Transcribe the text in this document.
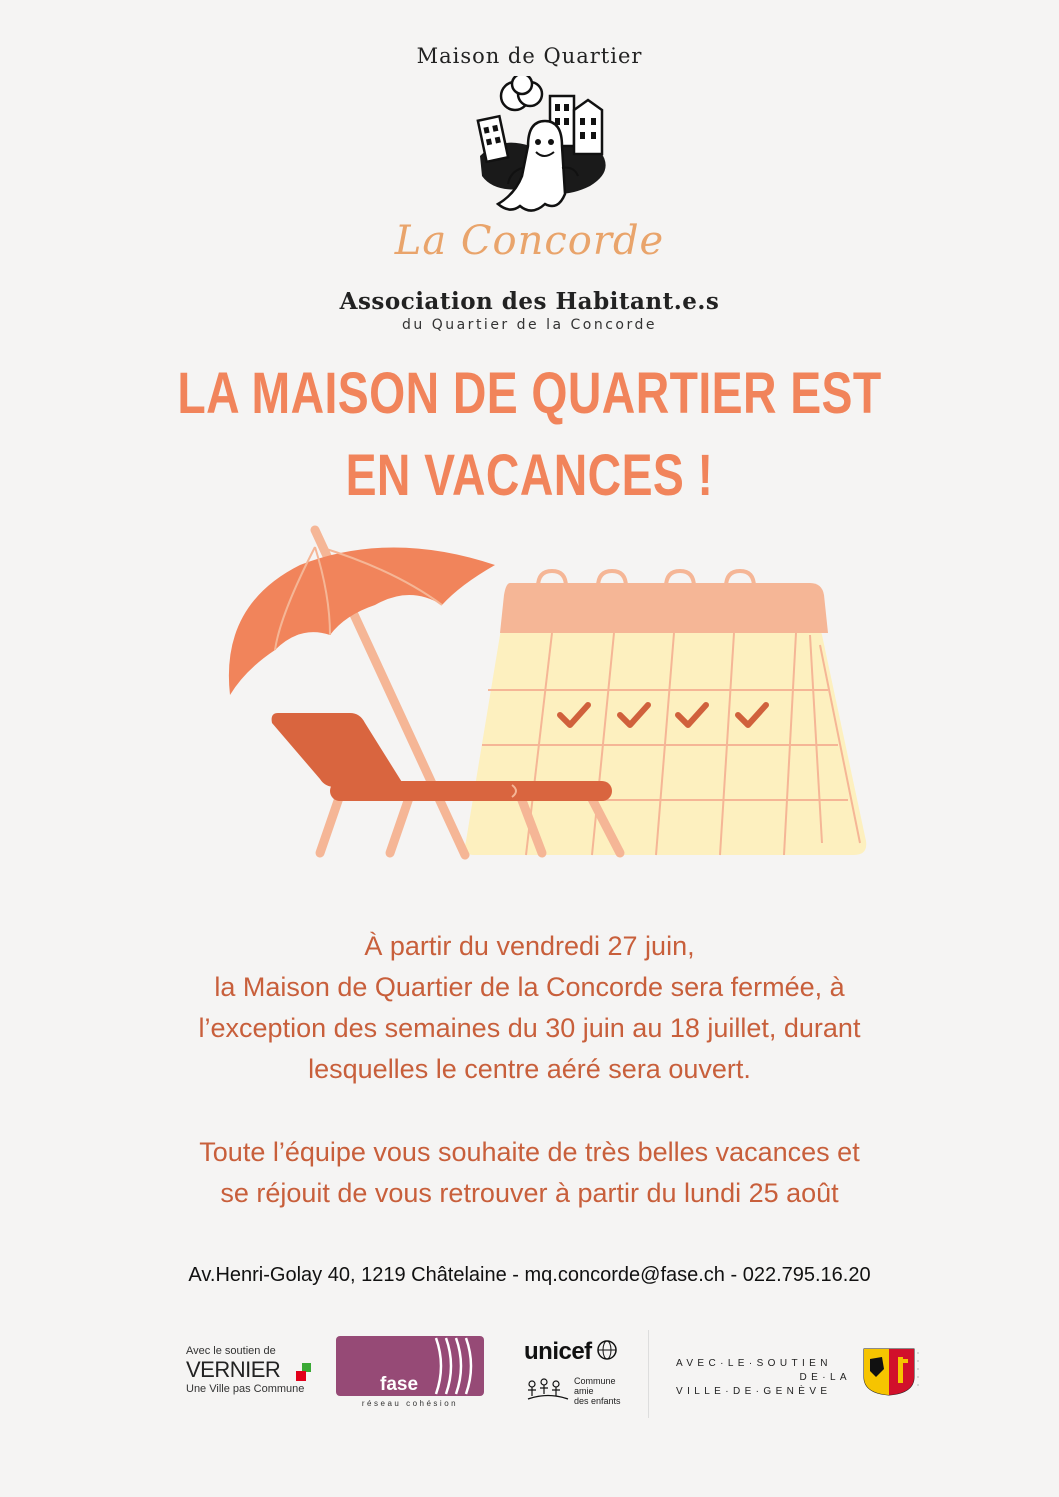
Maison de Quartier
La Concorde
Association des Habitant.e.s
du Quartier de la Concorde
LA MAISON DE QUARTIER EST
EN VACANCES !
À partir du vendredi 27 juin,
la Maison de Quartier de la Concorde sera fermée, à
l’exception des semaines du 30 juin au 18 juillet, durant
lesquelles le centre aéré sera ouvert.
Toute l’équipe vous souhaite de très belles vacances et
se réjouit de vous retrouver à partir du lundi 25 août
Av.Henri-Golay 40, 1219 Châtelaine - mq.concorde@fase.ch - 022.795.16.20
Avec le soutien de
VERNIER
Une Ville pas Commune	fase
réseau cohésion
unicef
Commune
amie
des enfants
AVEC·LE·SOUTIEN
DE·LA
VILLE·DE·GENÈVE
